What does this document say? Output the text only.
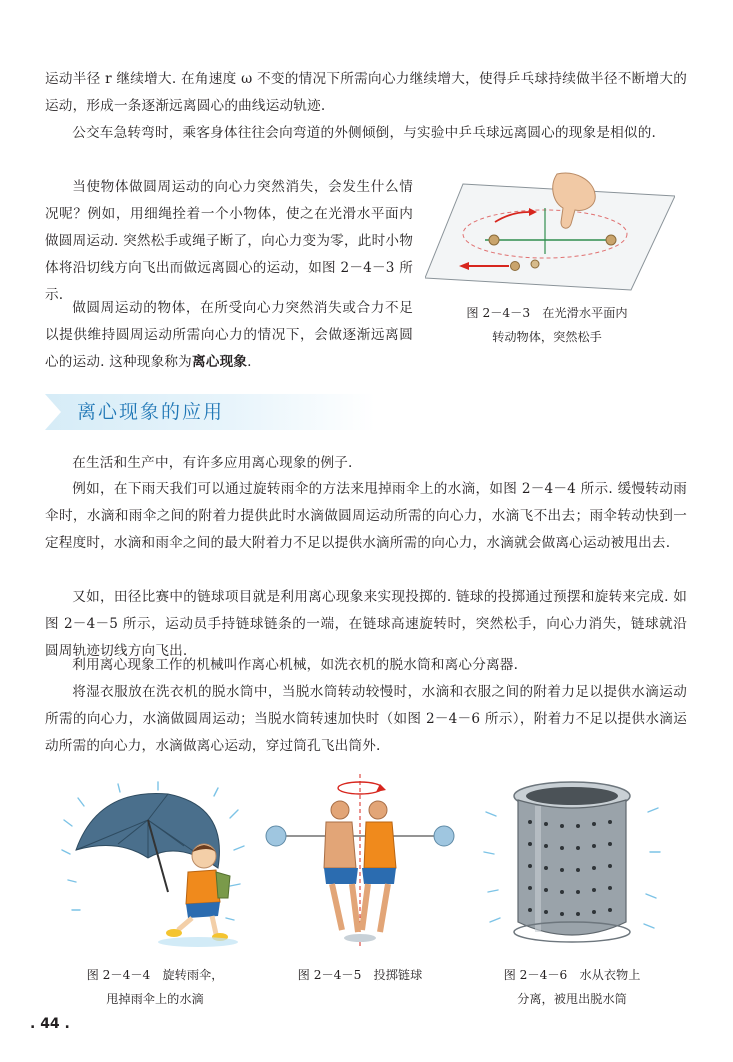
运动半径 r 继续增大. 在角速度 ω 不变的情况下所需向心力继续增大，使得乒乓球持续做半径不断增大的运动，形成一条逐渐远离圆心的曲线运动轨迹.

公交车急转弯时，乘客身体往往会向弯道的外侧倾倒，与实验中乒乓球远离圆心的现象是相似的.

当使物体做圆周运动的向心力突然消失，会发生什么情况呢？例如，用细绳拴着一个小物体，使之在光滑水平面内做圆周运动. 突然松手或绳子断了，向心力变为零，此时小物体将沿切线方向飞出而做远离圆心的运动，如图 2－4－3 所示.

做圆周运动的物体，在所受向心力突然消失或合力不足以提供维持圆周运动所需向心力的情况下，会做逐渐远离圆心的运动. 这种现象称为离心现象.

图 2－4－3　在光滑水平面内
转动物体，突然松手
离心现象的应用

在生活和生产中，有许多应用离心现象的例子.

例如，在下雨天我们可以通过旋转雨伞的方法来甩掉雨伞上的水滴，如图 2－4－4 所示. 缓慢转动雨伞时，水滴和雨伞之间的附着力提供此时水滴做圆周运动所需的向心力，水滴飞不出去；雨伞转动快到一定程度时，水滴和雨伞之间的最大附着力不足以提供水滴所需的向心力，水滴就会做离心运动被甩出去.

又如，田径比赛中的链球项目就是利用离心现象来实现投掷的. 链球的投掷通过预摆和旋转来完成. 如图 2－4－5 所示，运动员手持链球链条的一端，在链球高速旋转时，突然松手，向心力消失，链球就沿圆周轨迹切线方向飞出.

利用离心现象工作的机械叫作离心机械，如洗衣机的脱水筒和离心分离器.

将湿衣服放在洗衣机的脱水筒中，当脱水筒转动较慢时，水滴和衣服之间的附着力足以提供水滴运动所需的向心力，水滴做圆周运动；当脱水筒转速加快时（如图 2－4－6 所示），附着力不足以提供水滴运动所需的向心力，水滴做离心运动，穿过筒孔飞出筒外.

图 2－4－4　旋转雨伞，
甩掉雨伞上的水滴
图 2－4－5　投掷链球	图 2－4－6　水从衣物上
分离，被甩出脱水筒
. 44 .
